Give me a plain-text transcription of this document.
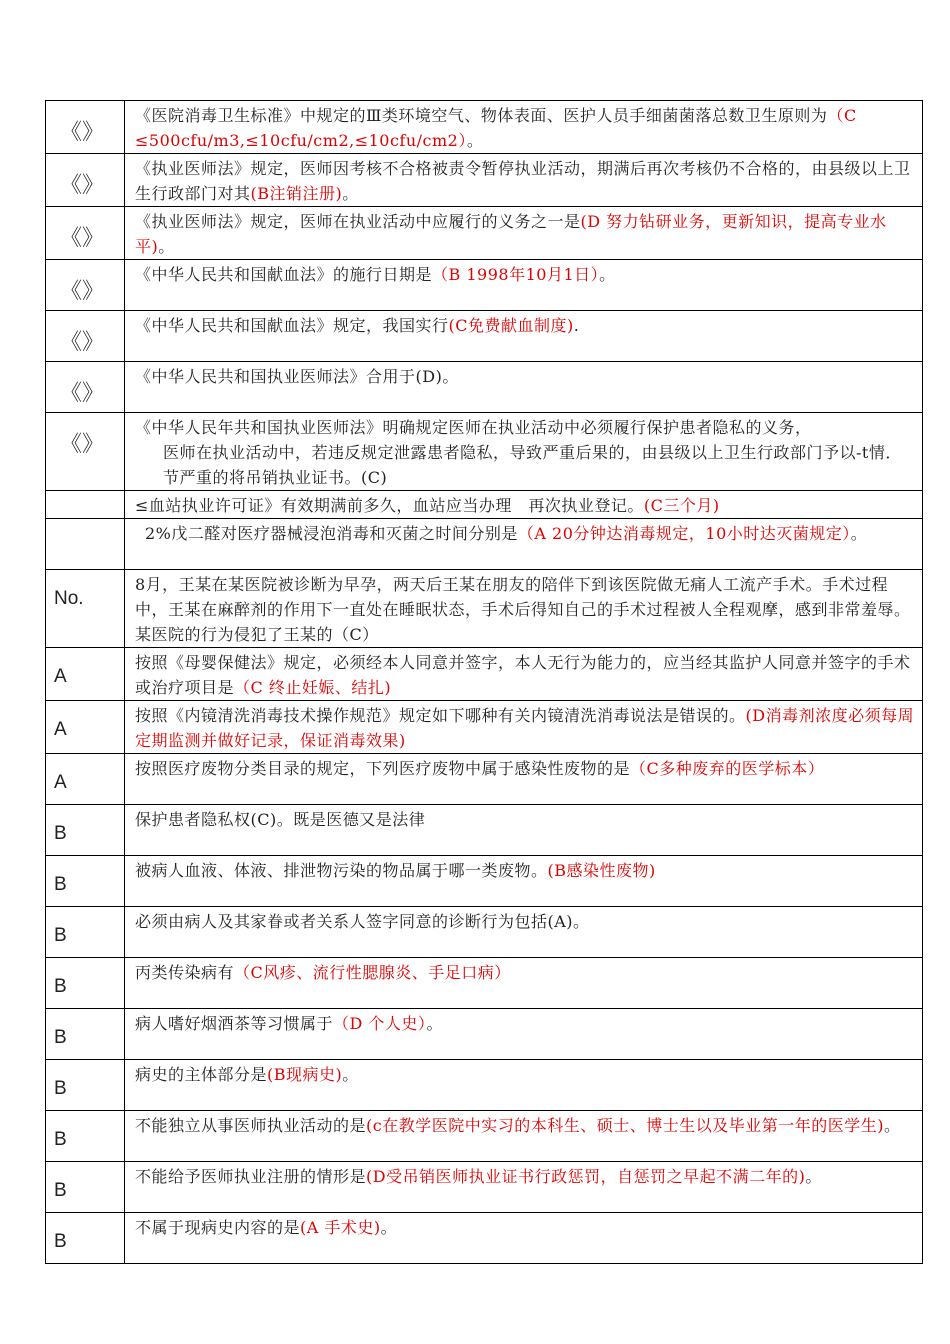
《》	《医院消毒卫生标准》中规定的Ⅲ类环境空气、物体表面、医护人员手细菌菌落总数卫生原则为（C ≤500cfu/m3,≤10cfu/cm2,≤10cfu/cm2）。
《》	《执业医师法》规定，医师因考核不合格被责令暂停执业活动，期满后再次考核仍不合格的，由县级以上卫生行政部门对其(B注销注册)。
《》	《执业医师法》规定，医师在执业活动中应履行的义务之一是(D 努力钻研业务，更新知识，提高专业水平)。
《》	《中华人民共和国献血法》的施行日期是（B 1998年10月1日）。
《》	《中华人民共和国献血法》规定，我国实行(C免费献血制度).
《》	《中华人民共和国执业医师法》合用于(D)。
《》	《中华人民年共和国执业医师法》明确规定医师在执业活动中必须履行保护患者隐私的义务，
医师在执业活动中，若违反规定泄露患者隐私，导致严重后果的，由县级以上卫生行政部门予以-t情．节严重的将吊销执业证书。(C)

	≤血站执业许可证》有效期满前多久，血站应当办理　再次执业登记。(C三个月)
	2%戊二醛对医疗器械浸泡消毒和灭菌之时间分别是（A 20分钟达消毒规定，10小时达灭菌规定）。
No.	8月，王某在某医院被诊断为早孕，两天后王某在朋友的陪伴下到该医院做无痛人工流产手术。手术过程中，王某在麻醉剂的作用下一直处在睡眠状态，手术后得知自己的手术过程被人全程观摩，感到非常羞辱。某医院的行为侵犯了王某的（C）
A	按照《母婴保健法》规定，必须经本人同意并签字，本人无行为能力的，应当经其监护人同意并签字的手术或治疗项目是（C 终止妊娠、结扎)
A	按照《内镜清洗消毒技术操作规范》规定如下哪种有关内镜清洗消毒说法是错误的。(D消毒剂浓度必须每周定期监测并做好记录，保证消毒效果)
A	按照医疗废物分类目录的规定，下列医疗废物中属于感染性废物的是（C多种废弃的医学标本）
B	保护患者隐私权(C)。既是医德又是法律
B	被病人血液、体液、排泄物污染的物品属于哪一类废物。(B感染性废物)
B	必须由病人及其家眷或者关系人签字同意的诊断行为包括(A)。
B	丙类传染病有（C风疹、流行性腮腺炎、手足口病）
B	病人嗜好烟酒茶等习惯属于（D 个人史）。
B	病史的主体部分是(B现病史)。
B	不能独立从事医师执业活动的是(c在教学医院中实习的本科生、硕士、博士生以及毕业第一年的医学生)。
B	不能给予医师执业注册的情形是(D受吊销医师执业证书行政惩罚，自惩罚之早起不满二年的)。
B	不属于现病史内容的是(A 手术史)。
